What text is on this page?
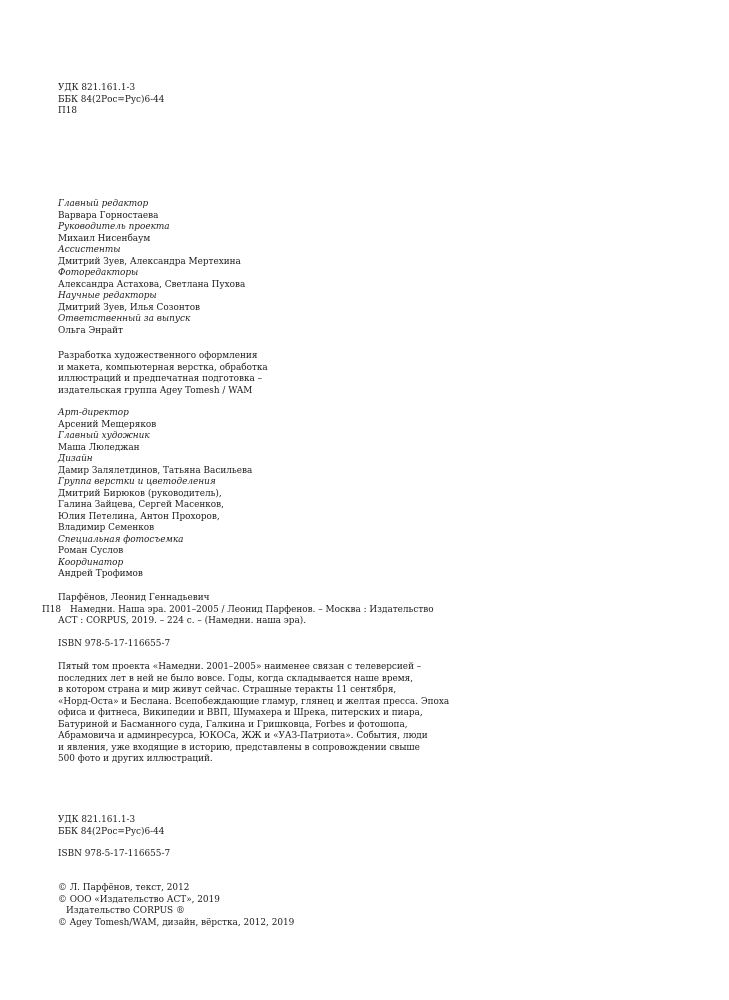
УДК 821.161.1-3
ББК 84(2Рос=Рус)6-44
П18
Главный редактор
Варвара Горностаева
Руководитель проекта
Михаил Нисенбаум
Ассистенты
Дмитрий Зуев, Александра Мертехина
Фоторедакторы
Александра Астахова, Светлана Пухова
Научные редакторы
Дмитрий Зуев, Илья Созонтов
Ответственный за выпуск
Ольга Энрайт
Разработка художественного оформления
и макета, компьютерная верстка, обработка
иллюстраций и предпечатная подготовка –
издательская группа Agey Tomesh / WAM
Арт-директор
Арсений Мещеряков
Главный художник
Маша Люледжан
Дизайн
Дамир Залялетдинов, Татьяна Васильева
Группа верстки и цветоделения
Дмитрий Бирюков (руководитель),
Галина Зайцева, Сергей Масенков,
Юлия Петелина, Антон Прохоров,
Владимир Семенков
Специальная фотосъемка
Роман Суслов
Координатор
Андрей Трофимов
Парфёнов, Леонид Геннадьевич
П18 Намедни. Наша эра. 2001–2005 / Леонид Парфенов. – Москва : Издательство
АСТ : CORPUS, 2019. – 224 с. – (Намедни. наша эра).
ISBN 978-5-17-116655-7
Пятый том проекта «Намедни. 2001–2005» наименее связан с телеверсией –
последних лет в ней не было вовсе. Годы, когда складывается наше время,
в котором страна и мир живут сейчас. Страшные теракты 11 сентября,
«Норд-Оста» и Беслана. Всепобеждающие гламур, глянец и желтая пресса. Эпоха
офиса и фитнеса, Википедии и ВВП, Шумахера и Шрека, питерских и пиара,
Батуриной и Басманного суда, Галкина и Гришковца, Forbes и фотошопа,
Абрамовича и админресурса, ЮКОСа, ЖЖ и «УАЗ-Патриота». События, люди
и явления, уже входящие в историю, представлены в сопровождении свыше
500 фото и других иллюстраций.
УДК 821.161.1-3
ББК 84(2Рос=Рус)6-44
ISBN 978-5-17-116655-7
© Л. Парфёнов, текст, 2012
© ООО «Издательство АСТ», 2019
Издательство CORPUS ®
© Agey Tomesh/WAM, дизайн, вёрстка, 2012, 2019
